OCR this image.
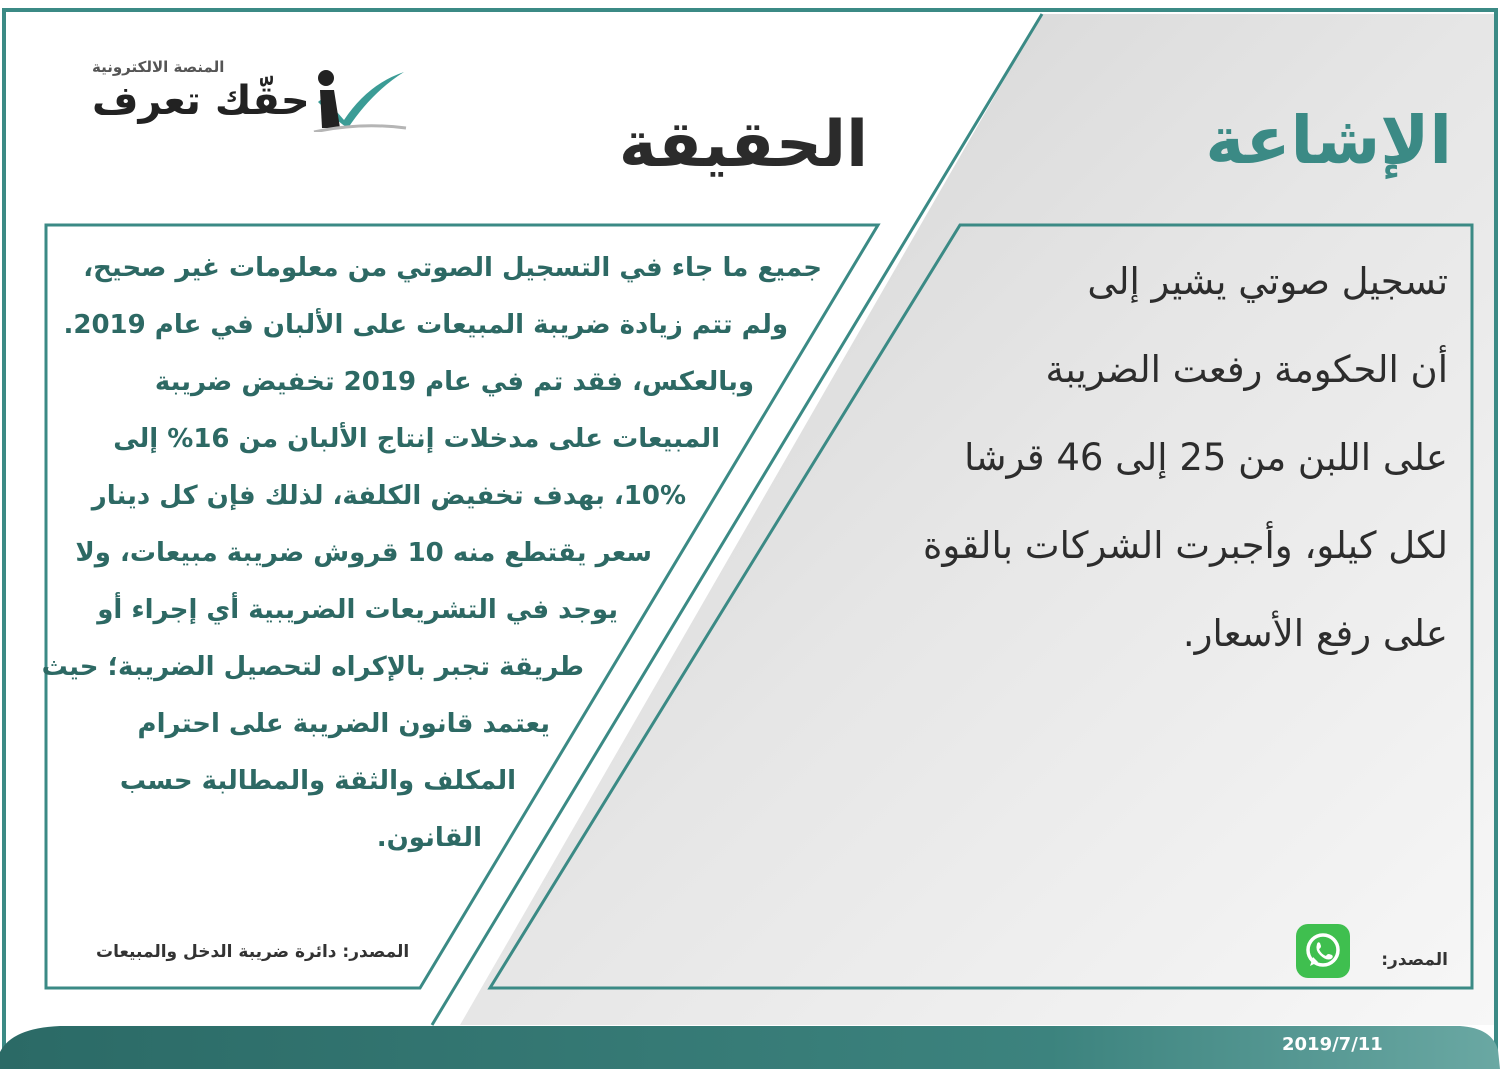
المنصة الالكترونية
حقّك تعرف
الإشاعة
الحقيقة
تسجيل صوتي يشير إلى
أن الحكومة رفعت الضريبة
على اللبن من 25 إلى 46 قرشا
لكل كيلو، وأجبرت الشركات بالقوة
على رفع الأسعار.
جميع ما جاء في التسجيل الصوتي من معلومات غير صحيح،
ولم تتم زيادة ضريبة المبيعات على الألبان في عام 2019.
وبالعكس، فقد تم في عام 2019 تخفيض ضريبة
المبيعات على مدخلات إنتاج الألبان من 16% إلى
10%، بهدف تخفيض الكلفة، لذلك فإن كل دينار
سعر يقتطع منه 10 قروش ضريبة مبيعات، ولا
يوجد في التشريعات الضريبية أي إجراء أو
طريقة تجبر بالإكراه لتحصيل الضريبة؛ حيث
يعتمد قانون الضريبة على احترام
المكلف والثقة والمطالبة حسب
القانون.
المصدر:
المصدر: دائرة ضريبة الدخل والمبيعات
2019/7/11
